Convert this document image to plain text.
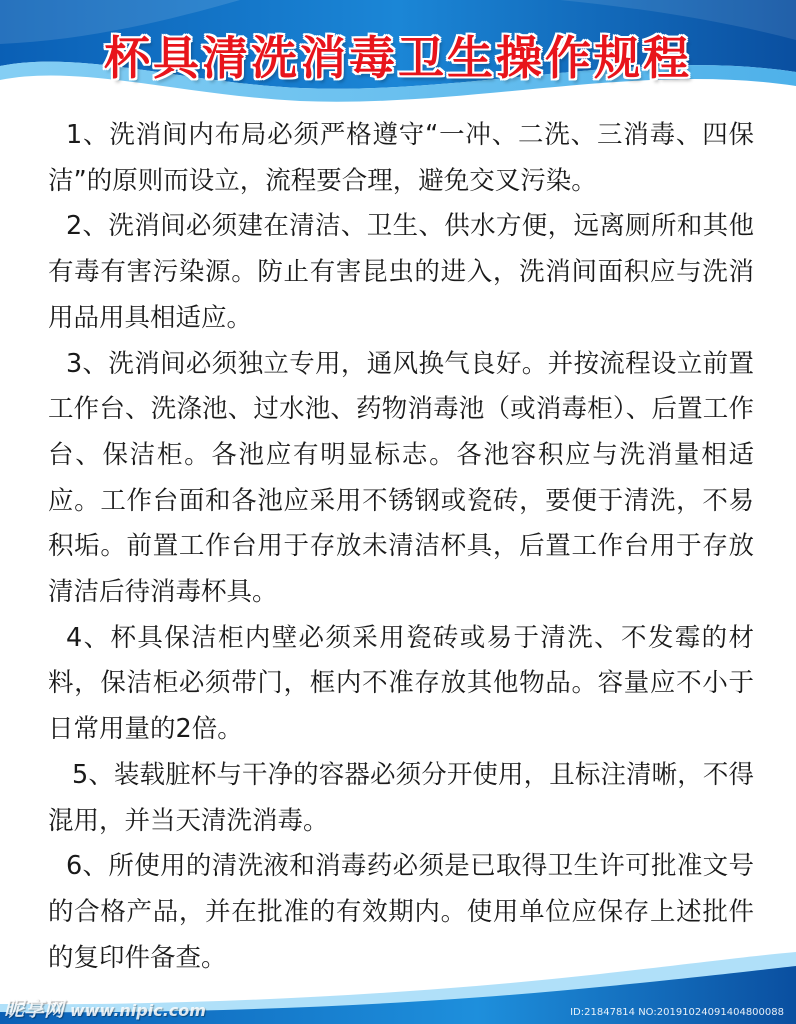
杯具清洗消毒卫生操作规程

1、洗消间内布局必须严格遵守“一冲、二洗、三消毒、四保洁”的原则而设立，流程要合理，避免交叉污染。

2、洗消间必须建在清洁、卫生、供水方便，远离厕所和其他有毒有害污染源。防止有害昆虫的进入，洗消间面积应与洗消用品用具相适应。

3、洗消间必须独立专用，通风换气良好。并按流程设立前置工作台、洗涤池、过水池、药物消毒池（或消毒柜）、后置工作台、保洁柜。各池应有明显标志。各池容积应与洗消量相适应。工作台面和各池应采用不锈钢或瓷砖，要便于清洗，不易积垢。前置工作台用于存放未清洁杯具，后置工作台用于存放清洁后待消毒杯具。

4、杯具保洁柜内壁必须采用瓷砖或易于清洗、不发霉的材料，保洁柜必须带门，框内不准存放其他物品。容量应不小于日常用量的2倍。

5、装载脏杯与干净的容器必须分开使用，且标注清晰，不得混用，并当天清洗消毒。

6、所使用的清洗液和消毒药必须是已取得卫生许可批准文号的合格产品，并在批准的有效期内。使用单位应保存上述批件的复印件备查。

昵享网 www.nipic.com	ID:21847814 NO:20191024091404800088
